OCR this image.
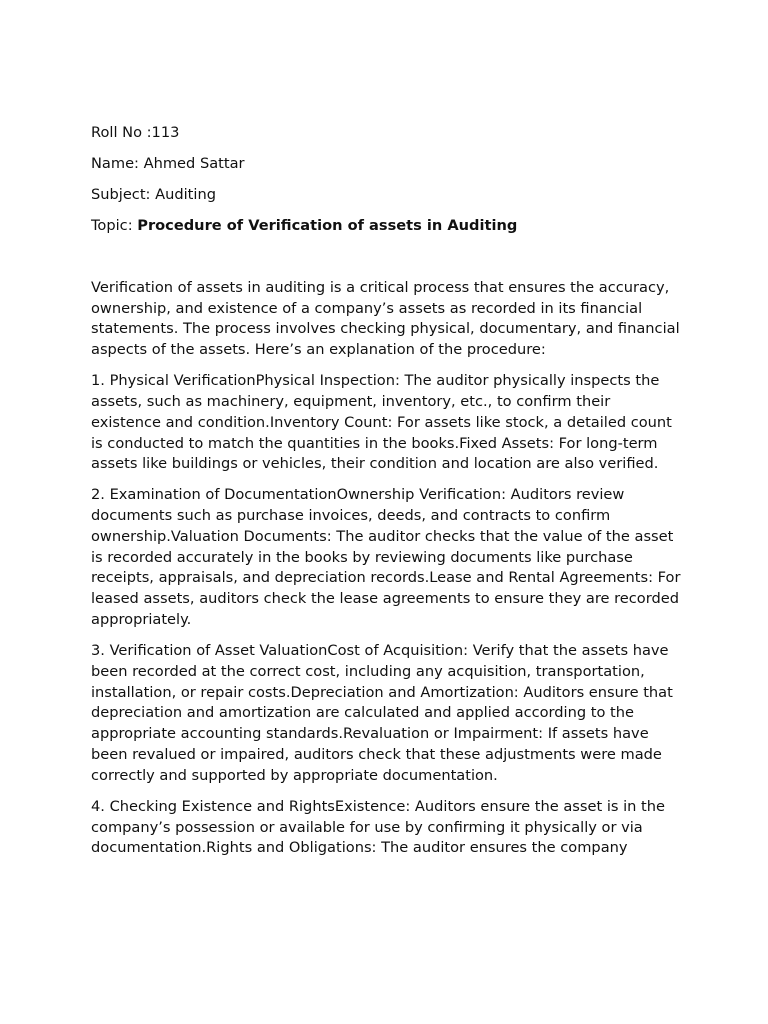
Roll No :113

Name: Ahmed Sattar

Subject: Auditing

Topic: Procedure of Verification of assets in Auditing

Verification of assets in auditing is a critical process that ensures the accuracy, ownership, and existence of a company’s assets as recorded in its financial statements. The process involves checking physical, documentary, and financial aspects of the assets. Here’s an explanation of the procedure:

1. Physical VerificationPhysical Inspection: The auditor physically inspects the assets, such as machinery, equipment, inventory, etc., to confirm their existence and condition.Inventory Count: For assets like stock, a detailed count is conducted to match the quantities in the books.Fixed Assets: For long-term assets like buildings or vehicles, their condition and location are also verified.

2. Examination of DocumentationOwnership Verification: Auditors review documents such as purchase invoices, deeds, and contracts to confirm ownership.Valuation Documents: The auditor checks that the value of the asset is recorded accurately in the books by reviewing documents like purchase receipts, appraisals, and depreciation records.Lease and Rental Agreements: For leased assets, auditors check the lease agreements to ensure they are recorded appropriately.

3. Verification of Asset ValuationCost of Acquisition: Verify that the assets have been recorded at the correct cost, including any acquisition, transportation, installation, or repair costs.Depreciation and Amortization: Auditors ensure that depreciation and amortization are calculated and applied according to the appropriate accounting standards.Revaluation or Impairment: If assets have been revalued or impaired, auditors check that these adjustments were made correctly and supported by appropriate documentation.

4. Checking Existence and RightsExistence: Auditors ensure the asset is in the company’s possession or available for use by confirming it physically or via documentation.Rights and Obligations: The auditor ensures the company
